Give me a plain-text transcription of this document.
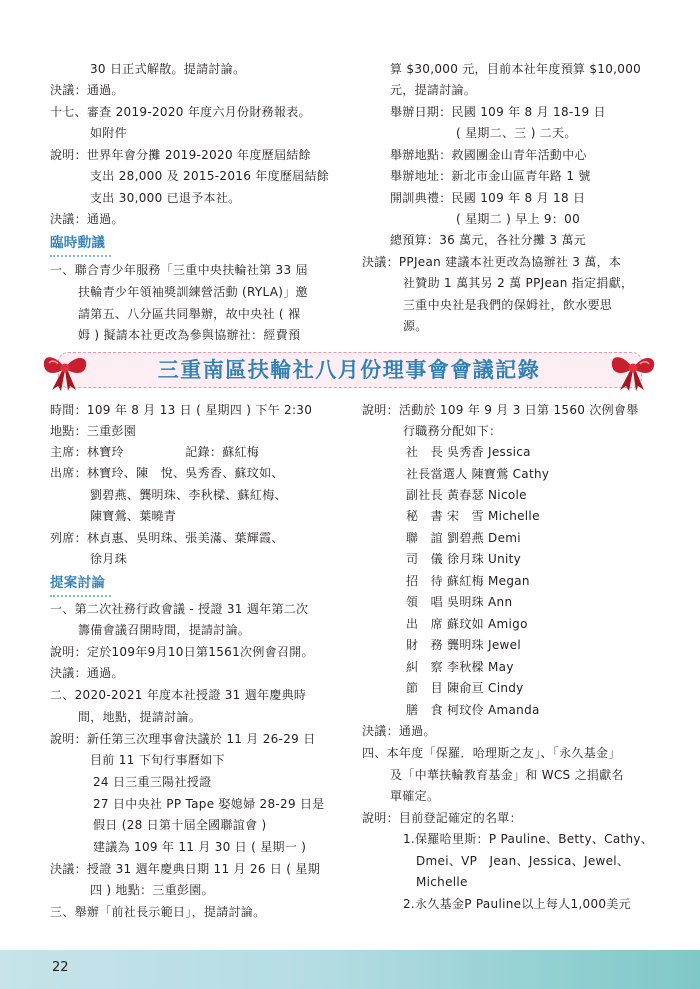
30 日正式解散。提請討論。
決議：通過。
十七、審查 2019-2020 年度六月份財務報表。
如附件
說明：世界年會分攤 2019-2020 年度歷屆結餘
支出 28,000 及 2015-2016 年度歷屆結餘
支出 30,000 已退予本社。
決議：通過。
臨時動議
一、聯合青少年服務「三重中央扶輪社第 33 屆
扶輪青少年領袖獎訓練營活動 (RYLA)」邀
請第五、八分區共同舉辦，故中央社 ( 褓
姆 ) 擬請本社更改為參與協辦社：經費預
算 $30,000 元，目前本社年度預算 $10,000
元，提請討論。
舉辦日期：民國 109 年 8 月 18-19 日
( 星期二、三 ) 二天。
舉辦地點：救國團金山青年活動中心
舉辦地址：新北市金山區青年路 1 號
開訓典禮：民國 109 年 8 月 18 日
( 星期二 ) 早上 9：00
總預算：36 萬元，各社分攤 3 萬元
決議：PPJean 建議本社更改為協辦社 3 萬，本
社贊助 1 萬其另 2 萬 PPJean 指定捐獻，
三重中央社是我們的保姆社，飲水要思
源。
三重南區扶輪社八月份理事會會議記錄
時間：109 年 8 月 13 日 ( 星期四 ) 下午 2:30
地點：三重彭園
主席：林寶玲　　　　　記錄：蘇紅梅
出席：林寶玲、陳　悅、吳秀香、蘇玟如、
劉碧燕、龔明珠、李秋樑、蘇紅梅、
陳寶鶯、葉曉青
列席：林貞惠、吳明珠、張美滿、葉輝霞、
徐月珠
提案討論
一、第二次社務行政會議 - 授證 31 週年第二次
籌備會議召開時間，提請討論。
說明：定於109年9月10日第1561次例會召開。
決議：通過。
二、2020-2021 年度本社授證 31 週年慶典時
間，地點，提請討論。
說明：新任第三次理事會決議於 11 月 26-29 日
目前 11 下旬行事曆如下
24 日三重三陽社授證
27 日中央社 PP Tape 娶媳婦 28-29 日是
假日 (28 日第十屆全國聯誼會 )
建議為 109 年 11 月 30 日 ( 星期一 )
決議：授證 31 週年慶典日期 11 月 26 日 ( 星期
四 ) 地點：三重彭園。
三、舉辦「前社長示範日」，提請討論。
說明：活動於 109 年 9 月 3 日第 1560 次例會舉
行職務分配如下：
社　長 吳秀香 Jessica
社長當選人 陳寶鶯 Cathy
副社長 黃春瑟 Nicole
秘　書 宋　雪 Michelle
聯　誼 劉碧燕 Demi
司　儀 徐月珠 Unity
招　待 蘇紅梅 Megan
領　唱 吳明珠 Ann
出　席 蘇玟如 Amigo
財　務 龔明珠 Jewel
糾　察 李秋樑 May
節　目 陳俞亘 Cindy
膳　食 柯玟伶 Amanda
決議：通過。
四、本年度「保羅．哈理斯之友」、「永久基金」
及「中華扶輪教育基金」和 WCS 之捐獻名
單確定。
說明：目前登記確定的名單：
1.保羅哈里斯：P Pauline、Betty、Cathy、
Dmei、VP　Jean、Jessica、Jewel、
Michelle
2.永久基金P Pauline以上每人1,000美元
22
